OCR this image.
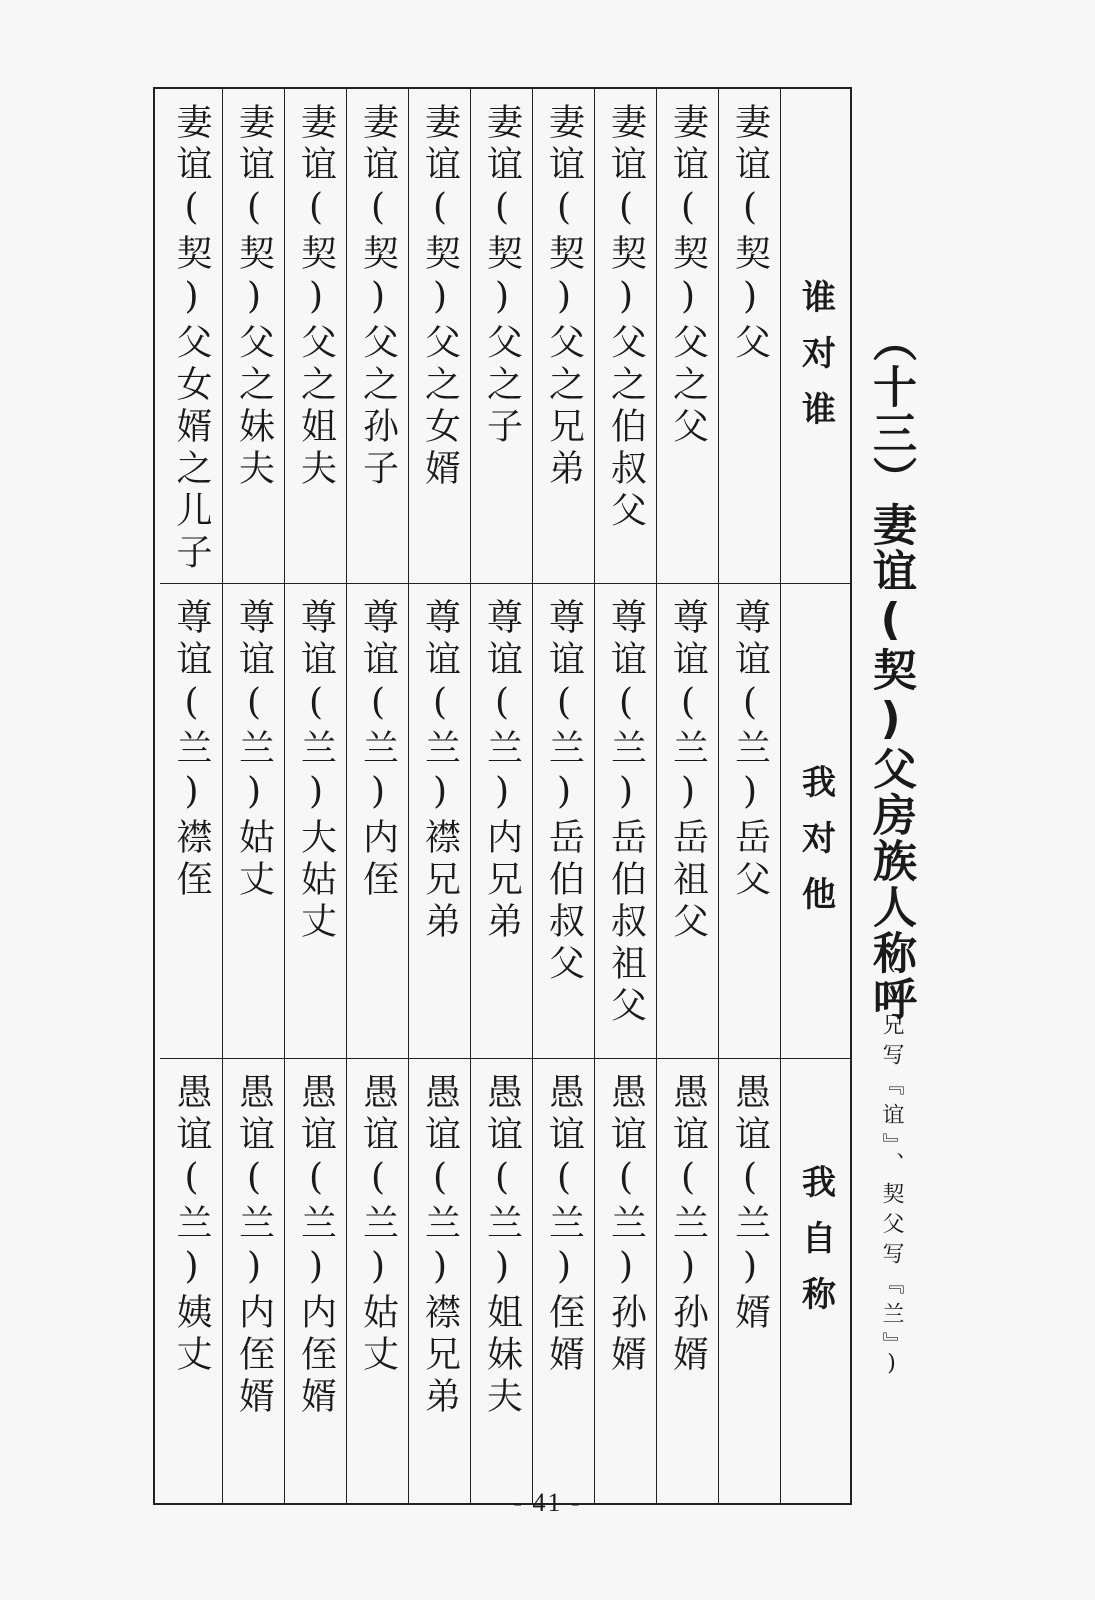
（十三）妻谊(契)父房族人称呼
(义兄写『谊』、契父写『兰』)
谁对谁
我对他
我自称
妻谊(契)父
尊谊(兰)岳父
愚谊(兰)婿
妻谊(契)父之父
尊谊(兰)岳祖父
愚谊(兰)孙婿
妻谊(契)父之伯叔父
尊谊(兰)岳伯叔祖父
愚谊(兰)孙婿
妻谊(契)父之兄弟
尊谊(兰)岳伯叔父
愚谊(兰)侄婿
妻谊(契)父之子
尊谊(兰)内兄弟
愚谊(兰)姐妹夫
妻谊(契)父之女婿
尊谊(兰)襟兄弟
愚谊(兰)襟兄弟
妻谊(契)父之孙子
尊谊(兰)内侄
愚谊(兰)姑丈
妻谊(契)父之姐夫
尊谊(兰)大姑丈
愚谊(兰)内侄婿
妻谊(契)父之妹夫
尊谊(兰)姑丈
愚谊(兰)内侄婿
妻谊(契)父女婿之儿子
尊谊(兰)襟侄
愚谊(兰)姨丈
- 41 -
